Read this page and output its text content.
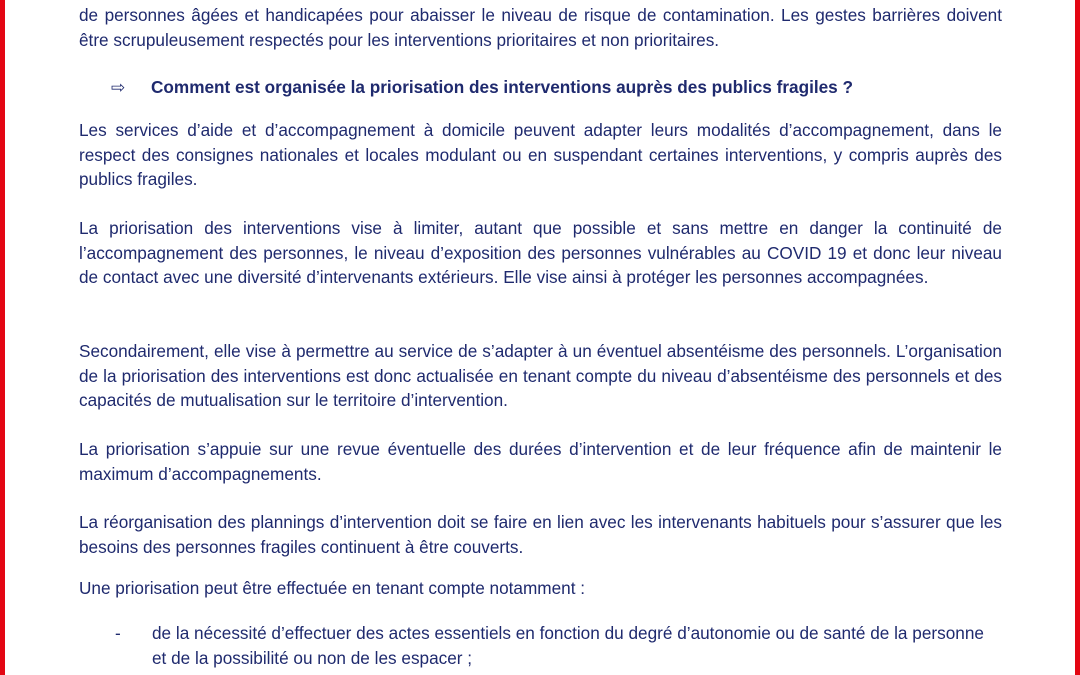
de personnes âgées et handicapées pour abaisser le niveau de risque de contamination. Les gestes barrières doivent être scrupuleusement respectés pour les interventions prioritaires et non prioritaires.

⇨	Comment est organisée la priorisation des interventions auprès des publics fragiles ?

Les services d’aide et d’accompagnement à domicile peuvent adapter leurs modalités d’accompagnement, dans le respect des consignes nationales et locales modulant ou en suspendant certaines interventions, y compris auprès des publics fragiles.

La priorisation des interventions vise à limiter, autant que possible et sans mettre en danger la continuité de l’accompagnement des personnes, le niveau d’exposition des personnes vulnérables au COVID 19 et donc leur niveau de contact avec une diversité d’intervenants extérieurs. Elle vise ainsi à protéger les personnes accompagnées.

Secondairement, elle vise à permettre au service de s’adapter à un éventuel absentéisme des personnels. L’organisation de la priorisation des interventions est donc actualisée en tenant compte du niveau d’absentéisme des personnels et des capacités de mutualisation sur le territoire d’intervention.

La priorisation s’appuie sur une revue éventuelle des durées d’intervention et de leur fréquence afin de maintenir le maximum d’accompagnements.

La réorganisation des plannings d’intervention doit se faire en lien avec les intervenants habituels pour s’assurer que les besoins des personnes fragiles continuent à être couverts.

Une priorisation peut être effectuée en tenant compte notamment :

-	de la nécessité d’effectuer des actes essentiels en fonction du degré d’autonomie ou de santé de la personne et de la possibilité ou non de les espacer ;
